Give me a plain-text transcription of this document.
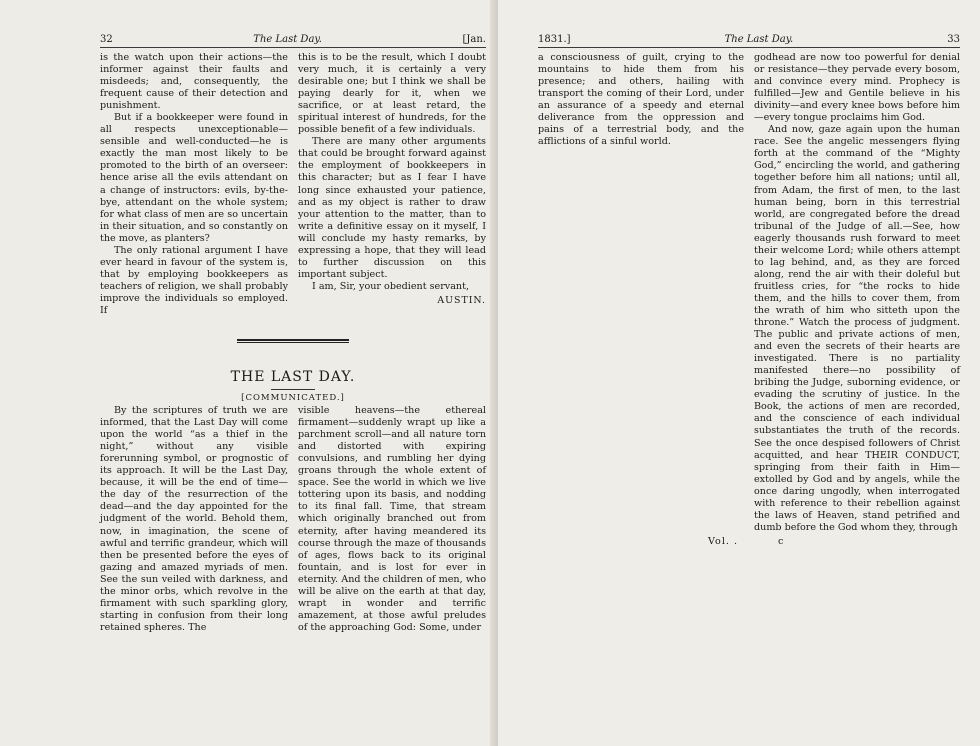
32	The Last Day.	[Jan.

is the watch upon their actions—the informer against their faults and misdeeds; and, consequently, the frequent cause of their detection and punishment.

But if a bookkeeper were found in all respects unexceptionable—sensible and well-conducted—he is exactly the man most likely to be promoted to the birth of an overseer: hence arise all the evils attendant on a change of instructors: evils, by-the-bye, attendant on the whole system; for what class of men are so uncertain in their situation, and so constantly on the move, as planters?

The only rational argument I have ever heard in favour of the system is, that by employing bookkeepers as teachers of religion, we shall probably improve the individuals so employed. If

this is to be the result, which I doubt very much, it is certainly a very desirable one; but I think we shall be paying dearly for it, when we sacrifice, or at least retard, the spiritual interest of hundreds, for the possible benefit of a few individuals.

There are many other arguments that could be brought forward against the employment of bookkeepers in this character; but as I fear I have long since exhausted your patience, and as my object is rather to draw your attention to the matter, than to write a definitive essay on it myself, I will conclude my hasty remarks, by expressing a hope, that they will lead to further discussion on this important subject.

I am, Sir, your obedient servant,

AUSTIN.

THE LAST DAY.
[COMMUNICATED.]

By the scriptures of truth we are informed, that the Last Day will come upon the world “as a thief in the night,” without any visible forerunning symbol, or prognostic of its approach. It will be the Last Day, because, it will be the end of time—the day of the resurrection of the dead—and the day appointed for the judgment of the world. Behold them, now, in imagination, the scene of awful and terrific grandeur, which will then be presented before the eyes of gazing and amazed myriads of men. See the sun veiled with darkness, and the minor orbs, which revolve in the firmament with such sparkling glory, starting in confusion from their long retained spheres. The

visible heavens—the ethereal firmament—suddenly wrapt up like a parchment scroll—and all nature torn and distorted with expiring convulsions, and rumbling her dying groans through the whole extent of space. See the world in which we live tottering upon its basis, and nodding to its final fall. Time, that stream which originally branched out from eternity, after having meandered its course through the maze of thousands of ages, flows back to its original fountain, and is lost for ever in eternity. And the children of men, who will be alive on the earth at that day, wrapt in wonder and terrific amazement, at those awful preludes of the approaching God: Some, under

1831.]	The Last Day.	33

a consciousness of guilt, crying to the mountains to hide them from his presence; and others, hailing with transport the coming of their Lord, under an assurance of a speedy and eternal deliverance from the oppression and pains of a terrestrial body, and the afflictions of a sinful world.

godhead are now too powerful for denial or resistance—they pervade every bosom, and convince every mind. Prophecy is fulfilled—Jew and Gentile believe in his divinity—and every knee bows before him—every tongue proclaims him God.

And now, gaze again upon the human race. See the angelic messengers flying forth at the command of the “Mighty God,” encircling the world, and gathering together before him all nations; until all, from Adam, the first of men, to the last human being, born in this terrestrial world, are congregated before the dread tribunal of the Judge of all.—See, how eagerly thousands rush forward to meet their welcome Lord; while others attempt to lag behind, and, as they are forced along, rend the air with their doleful but fruitless cries, for “the rocks to hide them, and the hills to cover them, from the wrath of him who sitteth upon the throne.” Watch the process of judgment. The public and private actions of men, and even the secrets of their hearts are investigated. There is no partiality manifested there—no possibility of bribing the Judge, suborning evidence, or evading the scrutiny of justice. In the Book, the actions of men are recorded, and the conscience of each individual substantiates the truth of the records. See the once despised followers of Christ acquitted, and hear THEIR CONDUCT, springing from their faith in Him—extolled by God and by angels, while the once daring ungodly, when interrogated with reference to their rebellion against the laws of Heaven, stand petrified and dumb before the God whom they, through

Vol. .	c
